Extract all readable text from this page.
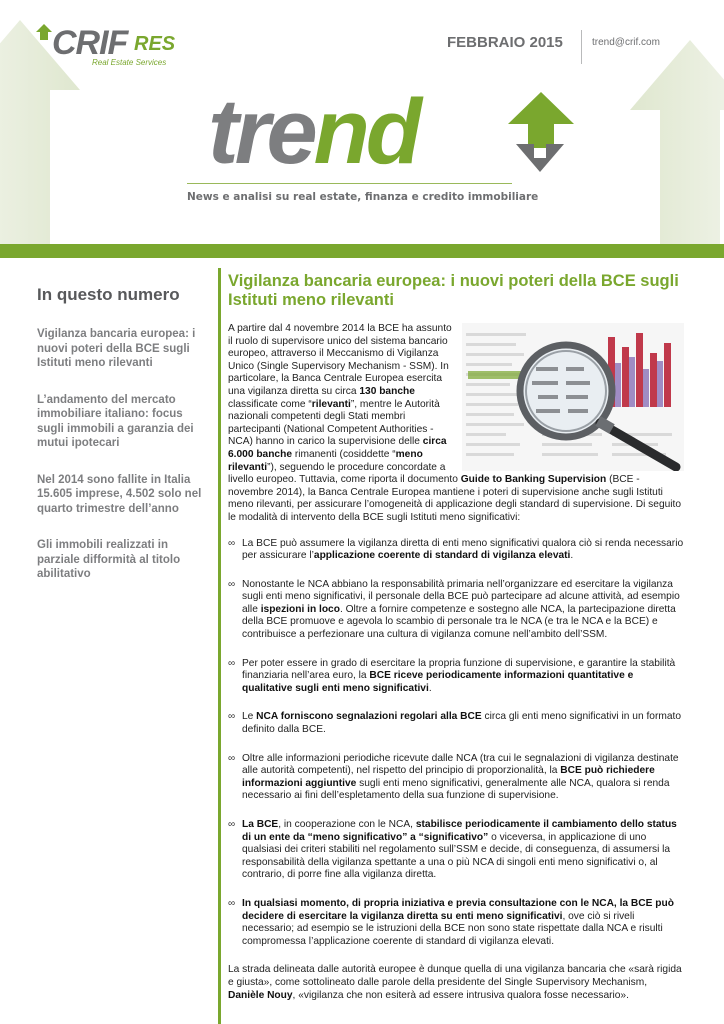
CRIF RES
Real Estate Services
FEBBRAIO 2015	trend@crif.com
trend
News e analisi su real estate, finanza e credito immobiliare
In questo numero
Vigilanza bancaria europea: i nuovi poteri della BCE sugli Istituti meno rilevanti
L’andamento del mercato immobiliare italiano: focus sugli immobili a garanzia dei mutui ipotecari
Nel 2014 sono fallite in Italia 15.605 imprese, 4.502 solo nel quarto trimestre dell’anno
Gli immobili realizzati in parziale difformità al titolo abilitativo
Vigilanza bancaria europea: i nuovi poteri della BCE sugli Istituti meno rilevanti

A partire dal 4 novembre 2014 la BCE ha assunto il ruolo di supervisore unico del sistema bancario europeo, attraverso il Meccanismo di Vigilanza Unico (Single Supervisory Mechanism - SSM). In particolare, la Banca Centrale Europea esercita una vigilanza diretta su circa 130 banche classificate come “rilevanti”, mentre le Autorità nazionali competenti degli Stati membri partecipanti (National Competent Authorities - NCA) hanno in carico la supervisione delle circa 6.000 banche rimanenti (cosiddette “meno rilevanti”), seguendo le procedure concordate a livello europeo. Tuttavia, come riporta il documento Guide to Banking Supervision (BCE - novembre 2014), la Banca Centrale Europea mantiene i poteri di supervisione anche sugli Istituti meno rilevanti, per assicurare l’omogeneità di applicazione degli standard di supervisione. Di seguito le modalità di intervento della BCE sugli Istituti meno significativi:

∞ La BCE può assumere la vigilanza diretta di enti meno significativi qualora ciò si renda necessario per assicurare l’applicazione coerente di standard di vigilanza elevati.
∞ Nonostante le NCA abbiano la responsabilità primaria nell’organizzare ed esercitare la vigilanza sugli enti meno significativi, il personale della BCE può partecipare ad alcune attività, ad esempio alle ispezioni in loco. Oltre a fornire competenze e sostegno alle NCA, la partecipazione diretta della BCE promuove e agevola lo scambio di personale tra le NCA (e tra le NCA e la BCE) e contribuisce a perfezionare una cultura di vigilanza comune nell’ambito dell’SSM.
∞ Per poter essere in grado di esercitare la propria funzione di supervisione, e garantire la stabilità finanziaria nell’area euro, la BCE riceve periodicamente informazioni quantitative e qualitative sugli enti meno significativi.
∞ Le NCA forniscono segnalazioni regolari alla BCE circa gli enti meno significativi in un formato definito dalla BCE.
∞ Oltre alle informazioni periodiche ricevute dalle NCA (tra cui le segnalazioni di vigilanza destinate alle autorità competenti), nel rispetto del principio di proporzionalità, la BCE può richiedere informazioni aggiuntive sugli enti meno significativi, generalmente alle NCA, qualora si renda necessario ai fini dell’espletamento della sua funzione di supervisione.
∞ La BCE, in cooperazione con le NCA, stabilisce periodicamente il cambiamento dello status di un ente da “meno significativo” a “significativo” o viceversa, in applicazione di uno qualsiasi dei criteri stabiliti nel regolamento sull’SSM e decide, di conseguenza, di assumersi la responsabilità della vigilanza spettante a una o più NCA di singoli enti meno significativi o, al contrario, di porre fine alla vigilanza diretta.
∞ In qualsiasi momento, di propria iniziativa e previa consultazione con le NCA, la BCE può decidere di esercitare la vigilanza diretta su enti meno significativi, ove ciò si riveli necessario; ad esempio se le istruzioni della BCE non sono state rispettate dalla NCA e risulti compromessa l’applicazione coerente di standard di vigilanza elevati.

La strada delineata dalle autorità europee è dunque quella di una vigilanza bancaria che «sarà rigida e giusta», come sottolineato dalle parole della presidente del Single Supervisory Mechanism, Danièle Nouy, «vigilanza che non esiterà ad essere intrusiva qualora fosse necessario».
